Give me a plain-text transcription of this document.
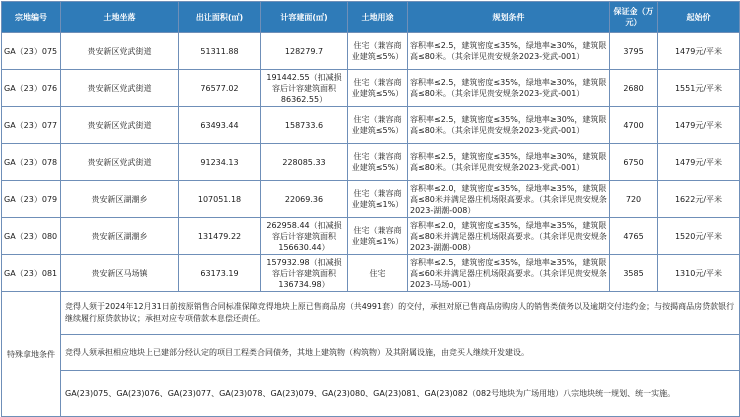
宗地编号	土地坐落	出让面积(㎡)	计容建面(㎡)	土地用途	规划条件	保证金（万元）	起始价
GA（23）075	贵安新区党武街道	51311.88	128279.7	住宅（兼容商业建筑≤5%）	容积率≤2.5，建筑密度≤35%，绿地率≥30%，建筑限高≤80米。（其余详见贵安规条2023-党武-001）	3795	1479元/平米
GA（23）076	贵安新区党武街道	76577.02	191442.55（扣减损容后计容建筑面积86362.55）	住宅（兼容商业建筑≤5%）	容积率≤2.5，建筑密度≤35%，绿地率≥30%，建筑限高≤80米。（其余详见贵安规条2023-党武-001）	2680	1551元/平米
GA（23）077	贵安新区党武街道	63493.44	158733.6	住宅（兼容商业建筑≤5%）	容积率≤2.5，建筑密度≤35%，绿地率≥30%，建筑限高≤80米。（其余详见贵安规条2023-党武-001）	4700	1479元/平米
GA（23）078	贵安新区党武街道	91234.13	228085.33	住宅（兼容商业建筑≤5%）	容积率≤2.5，建筑密度≤35%，绿地率≥30%，建筑限高≤80米。（其余详见贵安规条2023-党武-001）	6750	1479元/平米
GA（23）079	贵安新区湖潮乡	107051.18	22069.36	住宅（兼容商业建筑≤1%）	容积率≤2.0，建筑密度≤35%，绿地率≥35%，建筑限高≤80米并满足器庄机场限高要求。（其余详见贵安规条2023-湖潮-008）	720	1622元/平米
GA（23）080	贵安新区湖潮乡	131479.22	262958.44（扣减损容后计容建筑面积156630.44）	住宅（兼容商业建筑≤1%）	容积率≤2.0，建筑密度≤35%，绿地率≥35%，建筑限高≤80米并满足器庄机场限高要求。（其余详见贵安规条2023-湖潮-008）	4765	1520元/平米
GA（23）081	贵安新区马场镇	63173.19	157932.98（扣减损容后计容建筑面积136734.98）	住宅	容积率≤2.5，建筑密度≤35%，绿地率≥35%，建筑限高≤60米并满足器庄机场限高要求。（其余详见贵安规条2023-马场-001）	3585	1310元/平米
特殊拿地条件	竞得人须于2024年12月31日前按原销售合同标准保障竞得地块上原已售商品房（共4991套）的交付，承担对原已售商品房购房人的销售类债务以及逾期交付违约金；与按揭商品房贷款银行继续履行原贷款协议；承担对应专项借款本息偿还责任。						
	竞得人须承担相应地块上已建部分经认定的项目工程类合同债务，其地上建筑物（构筑物）及其附属设施，由竞买人继续开发建设。						
	GA(23)075、GA(23)076、GA(23)077、GA(23)078、GA(23)079、GA(23)080、GA(23)081、GA(23)082（082号地块为广场用地）八宗地块统一规划、统一实施。						
